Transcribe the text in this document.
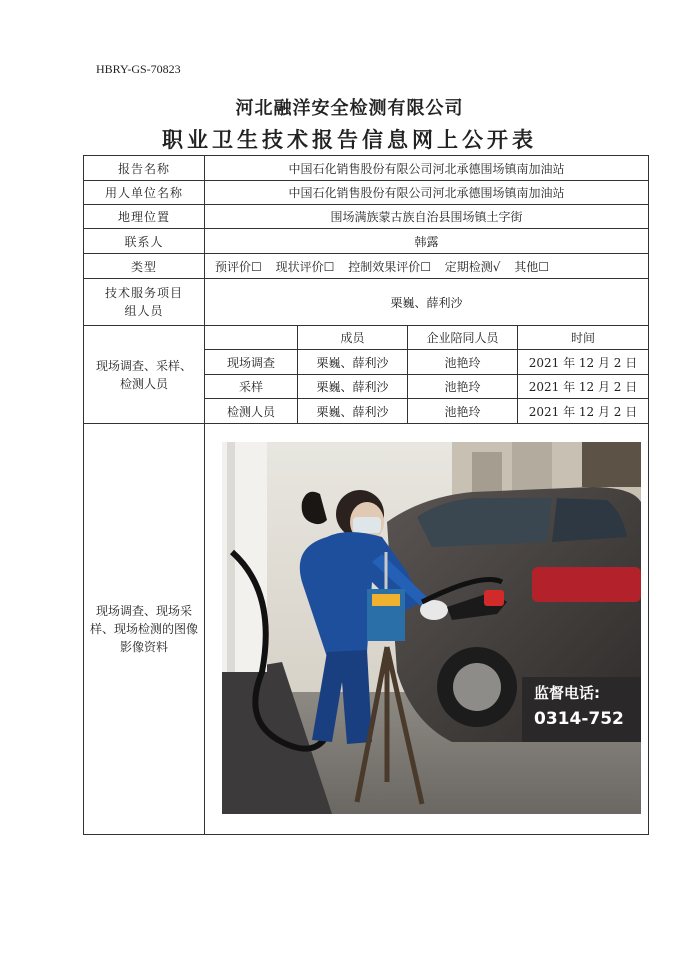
HBRY-GS-70823
河北融洋安全检测有限公司
职业卫生技术报告信息网上公开表
报告名称	中国石化销售股份有限公司河北承德围场镇南加油站			
用人单位名称	中国石化销售股份有限公司河北承德围场镇南加油站			
地理位置	围场满族蒙古族自治县围场镇土字街			
联系人	韩露			
类型	预评价☐ 现状评价☐ 控制效果评价☐ 定期检测√ 其他☐			
技术服务项目组人员	栗巍、薛利沙			
现场调查、采样、检测人员		成员	企业陪同人员	时间
	现场调查	栗巍、薛利沙	池艳玲	2021 年 12 月 2 日
	采样	栗巍、薛利沙	池艳玲	2021 年 12 月 2 日
	检测人员	栗巍、薛利沙	池艳玲	2021 年 12 月 2 日
现场调查、现场采样、现场检测的图像影像资料	监督电话:
0314-752			
